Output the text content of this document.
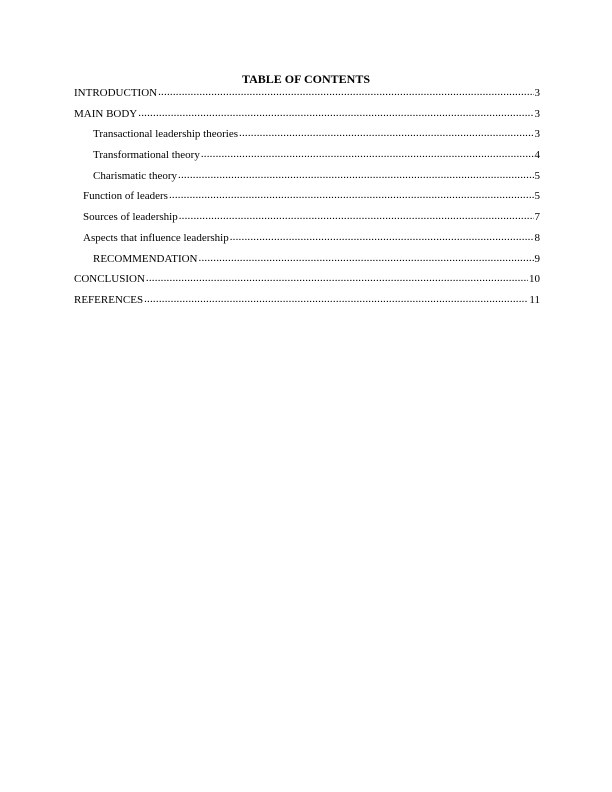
TABLE OF CONTENTS
INTRODUCTION .....	3
MAIN BODY .....	3
Transactional leadership theories .....	3
Transformational theory .....	4
Charismatic theory .....	5
Function of leaders .....	5
Sources of leadership .....	7
Aspects that influence leadership .....	8
RECOMMENDATION .....	9
CONCLUSION .....	10
REFERENCES .....	11
